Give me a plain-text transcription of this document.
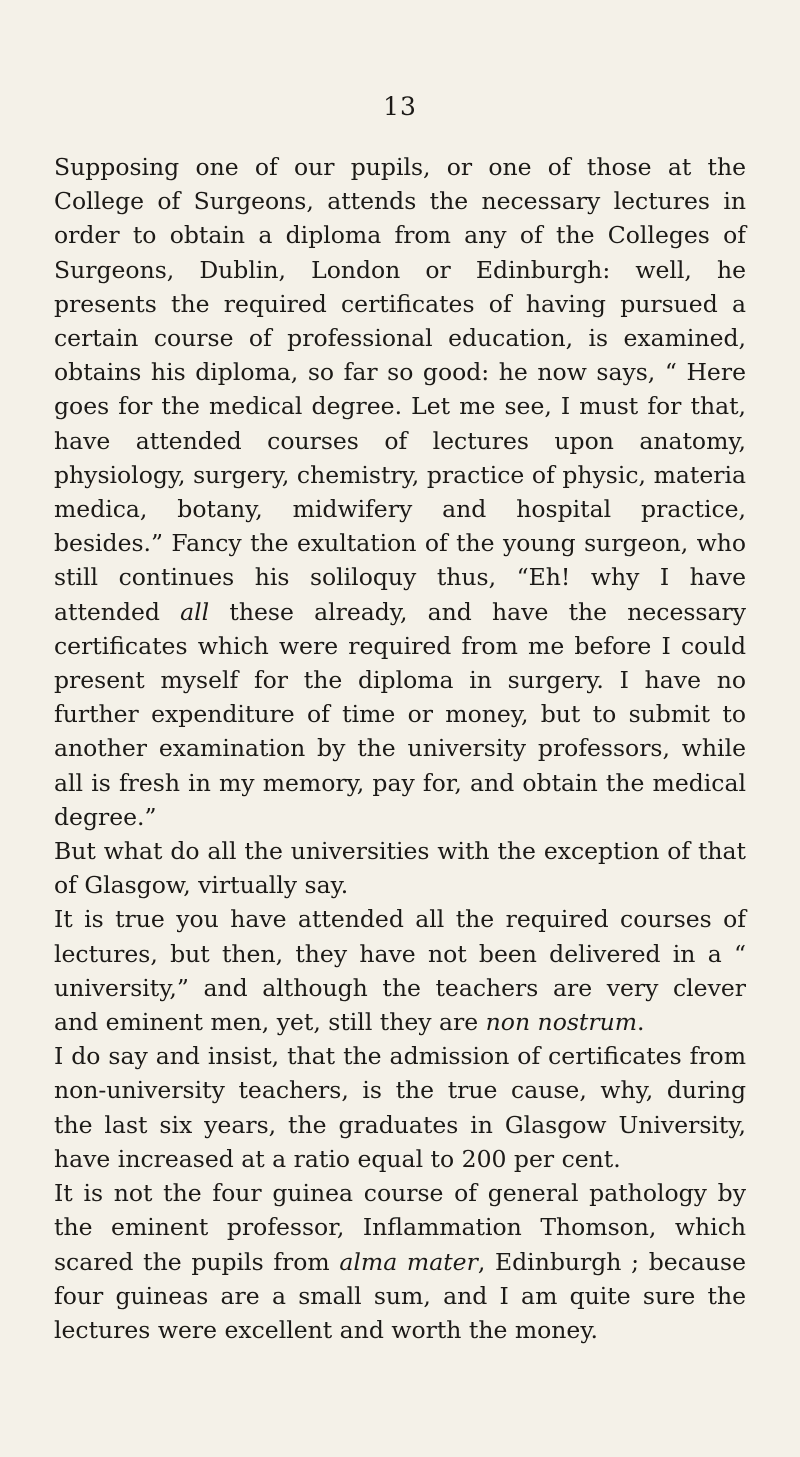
13

Supposing one of our pupils, or one of those at the College of Surgeons, attends the necessary lectures in order to obtain a diploma from any of the Colleges of Surgeons, Dublin, London or Edinburgh: well, he presents the required certificates of having pursued a certain course of professional education, is examined, obtains his diploma, so far so good: he now says, “ Here goes for the medical degree. Let me see, I must for that, have attended courses of lectures upon anatomy, physiology, surgery, chemistry, practice of physic, materia medica, botany, midwifery and hospital practice, besides.” Fancy the exultation of the young surgeon, who still continues his soliloquy thus, “Eh! why I have attended all these already, and have the necessary certificates which were required from me before I could present myself for the diploma in surgery. I have no further expenditure of time or money, but to submit to another examination by the university professors, while all is fresh in my memory, pay for, and obtain the medical degree.”

But what do all the universities with the exception of that of Glasgow, virtually say.

It is true you have attended all the required courses of lectures, but then, they have not been delivered in a “ university,” and although the teachers are very clever and eminent men, yet, still they are non nostrum.

I do say and insist, that the admission of certificates from non-university teachers, is the true cause, why, during the last six years, the graduates in Glasgow University, have increased at a ratio equal to 200 per cent.

It is not the four guinea course of general pathology by the eminent professor, Inflammation Thomson, which scared the pupils from alma mater, Edinburgh ; because four guineas are a small sum, and I am quite sure the lectures were excellent and worth the money.
